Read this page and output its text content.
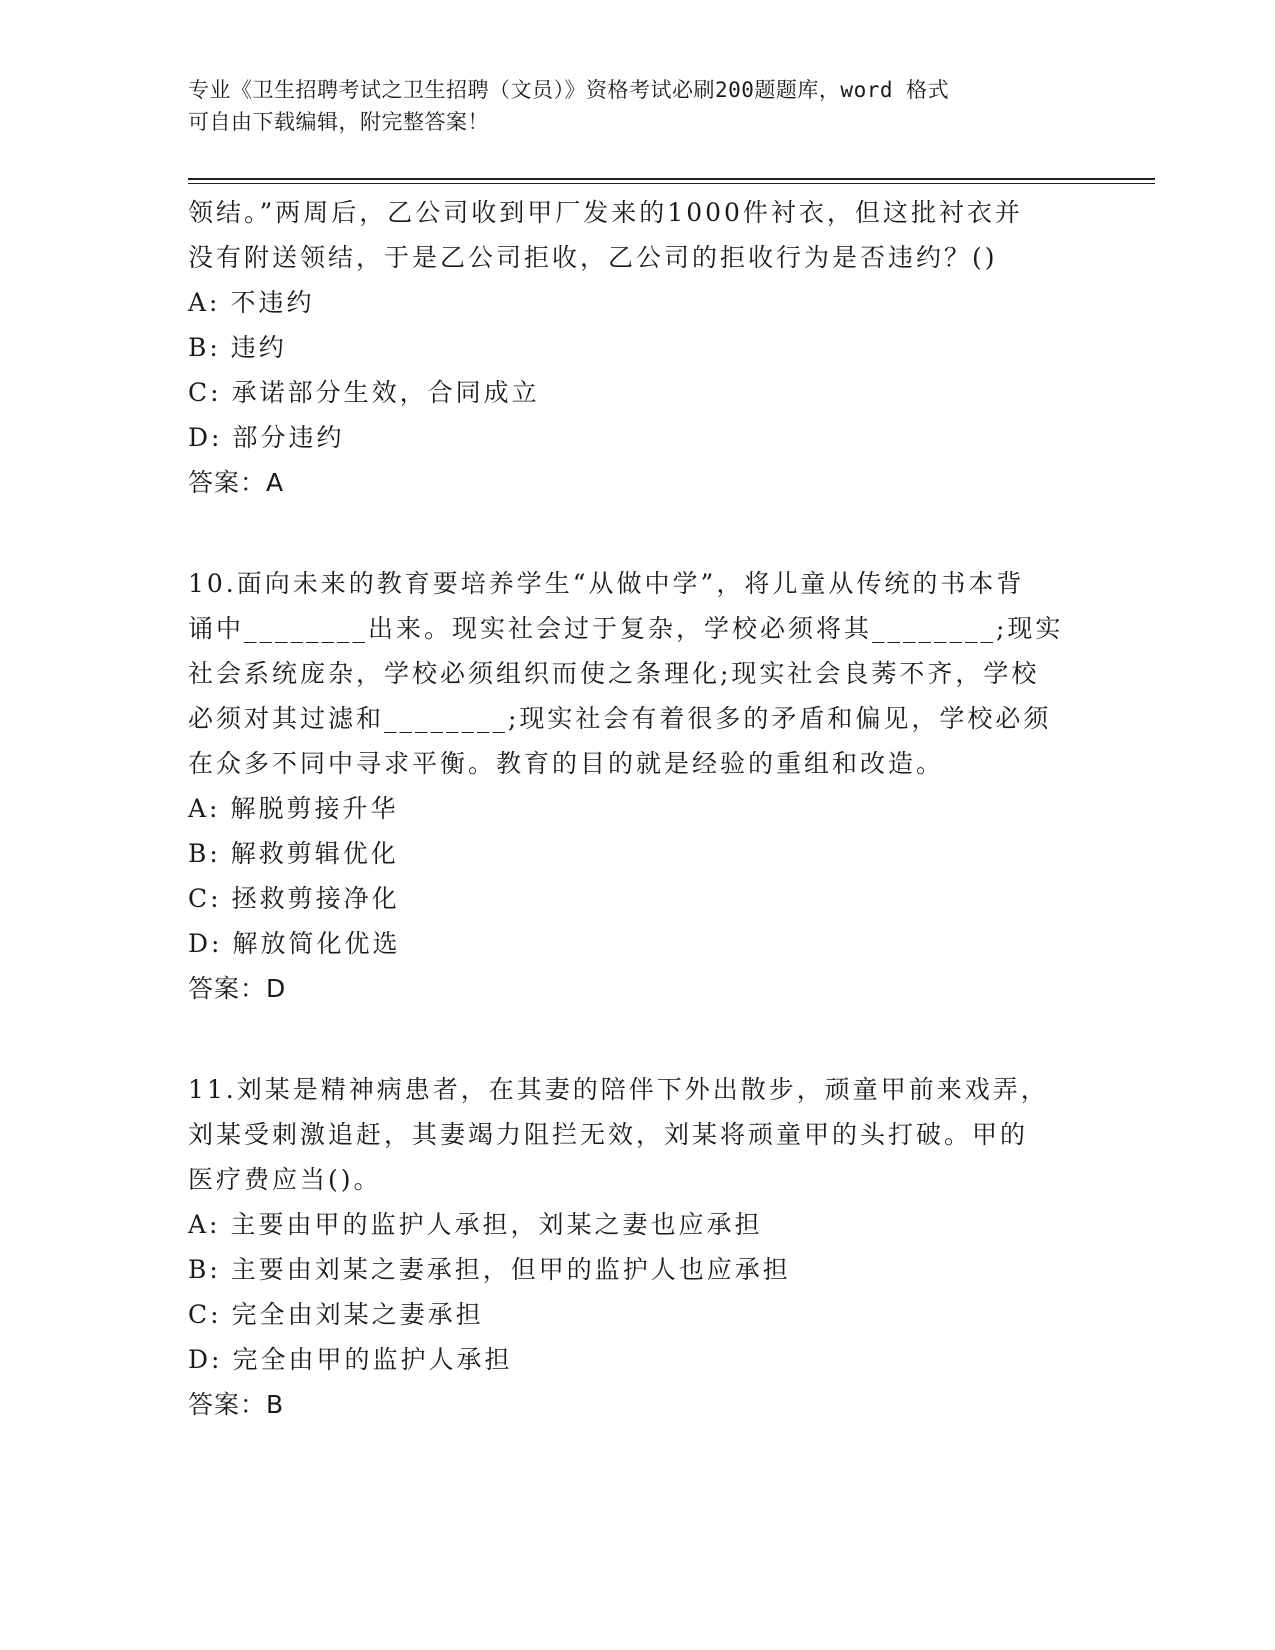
专业《卫生招聘考试之卫生招聘（文员）》资格考试必刷200题题库，word 格式
可自由下载编辑，附完整答案！

领结。”两周后，乙公司收到甲厂发来的1000件衬衣，但这批衬衣并

没有附送领结，于是乙公司拒收，乙公司的拒收行为是否违约？()

A: 不违约

B: 违约

C: 承诺部分生效，合同成立

D: 部分违约

答案：A

10.面向未来的教育要培养学生“从做中学”，将儿童从传统的书本背

诵中________出来。现实社会过于复杂，学校必须将其________;现实

社会系统庞杂，学校必须组织而使之条理化;现实社会良莠不齐，学校

必须对其过滤和________;现实社会有着很多的矛盾和偏见，学校必须

在众多不同中寻求平衡。教育的目的就是经验的重组和改造。

A: 解脱剪接升华

B: 解救剪辑优化

C: 拯救剪接净化

D: 解放简化优选

答案：D

11.刘某是精神病患者，在其妻的陪伴下外出散步，顽童甲前来戏弄，

刘某受刺激追赶，其妻竭力阻拦无效，刘某将顽童甲的头打破。甲的

医疗费应当()。

A: 主要由甲的监护人承担，刘某之妻也应承担

B: 主要由刘某之妻承担，但甲的监护人也应承担

C: 完全由刘某之妻承担

D: 完全由甲的监护人承担

答案：B
